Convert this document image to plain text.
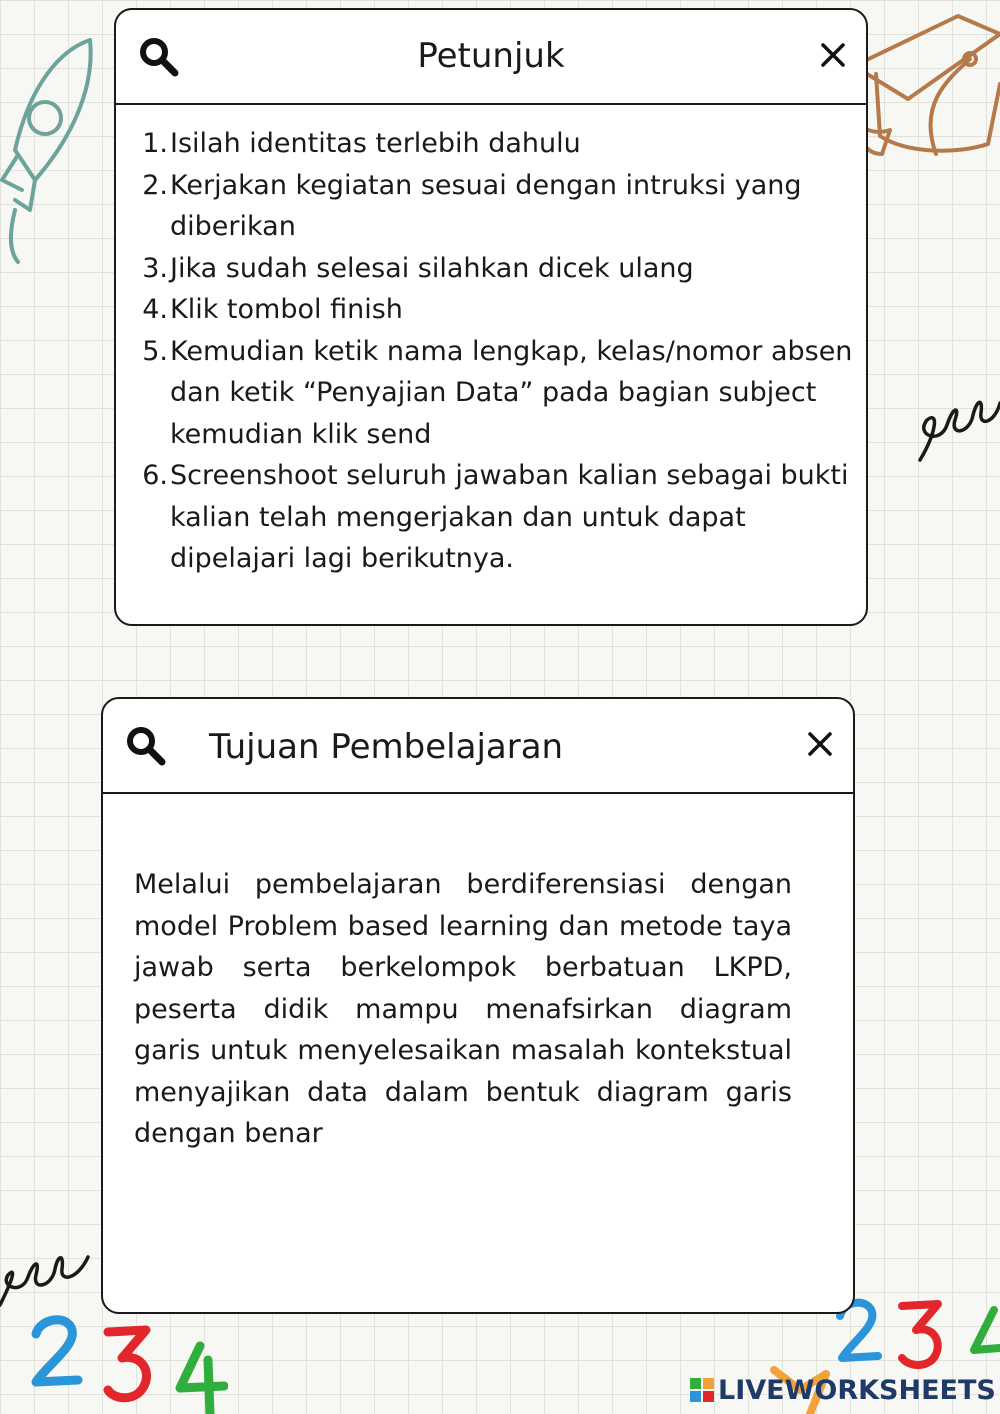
Petunjuk
1. Isilah identitas terlebih dahulu
2. Kerjakan kegiatan sesuai dengan intruksi yang diberikan
3. Jika sudah selesai silahkan dicek ulang
4. Klik tombol finish
5. Kemudian ketik nama lengkap, kelas/nomor absen dan ketik “Penyajian Data” pada bagian subject kemudian klik send
6. Screenshoot seluruh jawaban kalian sebagai bukti kalian telah mengerjakan dan untuk dapat dipelajari lagi berikutnya.
Tujuan Pembelajaran
Melalui pembelajaran berdiferensiasi dengan model Problem based learning dan metode taya jawab serta berkelompok berbatuan LKPD, peserta didik mampu menafsirkan diagram garis untuk menyelesaikan masalah kontekstual menyajikan data dalam bentuk diagram garis dengan benar
LIVEWORKSHEETS
